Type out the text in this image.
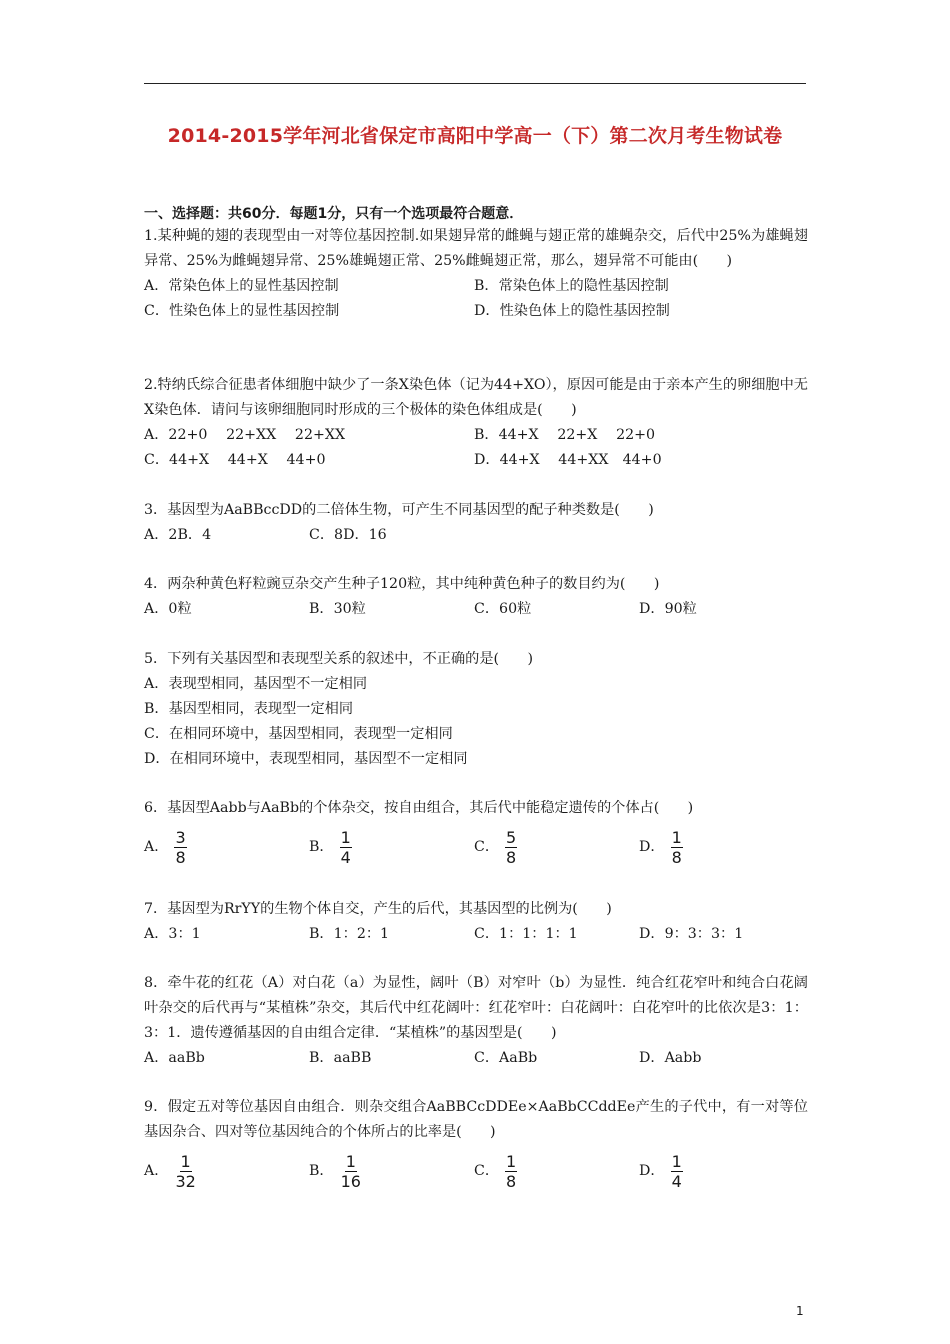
2014-2015学年河北省保定市高阳中学高一（下）第二次月考生物试卷
一、选择题：共60分．每题1分，只有一个选项最符合题意．
1.某种蝇的翅的表现型由一对等位基因控制.如果翅异常的雌蝇与翅正常的雄蝇杂交，后代中25%为雄蝇翅异常、25%为雌蝇翅异常、25%雄蝇翅正常、25%雌蝇翅正常，那么，翅异常不可能由(　　)
A．常染色体上的显性基因控制	B．常染色体上的隐性基因控制
C．性染色体上的显性基因控制	D．性染色体上的隐性基因控制
2.特纳氏综合征患者体细胞中缺少了一条X染色体（记为44+XO），原因可能是由于亲本产生的卵细胞中无X染色体．请问与该卵细胞同时形成的三个极体的染色体组成是(　　)
A．22+0　 22+XX　 22+XX	B．44+X　 22+X　 22+0
C．44+X　 44+X　 44+0	D．44+X　 44+XX　44+0
3．基因型为AaBBccDD的二倍体生物，可产生不同基因型的配子种类数是(　　)
A．2B．4	C．8D．16
4．两杂种黄色籽粒豌豆杂交产生种子120粒，其中纯种黄色种子的数目约为(　　)
A．0粒	B．30粒	C．60粒	D．90粒
5．下列有关基因型和表现型关系的叙述中，不正确的是(　　)
A．表现型相同，基因型不一定相同
B．基因型相同，表现型一定相同
C．在相同环境中，基因型相同，表现型一定相同
D．在相同环境中，表现型相同，基因型不一定相同
6．基因型Aabb与AaBb的个体杂交，按自由组合，其后代中能稳定遗传的个体占(　　)
A． $\frac{3}{8}$	B． $\frac{1}{4}$	C． $\frac{5}{8}$	D． $\frac{1}{8}$
7．基因型为RrYY的生物个体自交，产生的后代，其基因型的比例为(　　)
A．3：1	B．1：2：1	C．1：1：1：1	D．9：3：3：1
8．牵牛花的红花（A）对白花（a）为显性，阔叶（B）对窄叶（b）为显性．纯合红花窄叶和纯合白花阔叶杂交的后代再与“某植株”杂交，其后代中红花阔叶：红花窄叶：白花阔叶：白花窄叶的比依次是3：1：3：1．遗传遵循基因的自由组合定律．“某植株”的基因型是(　　)
A．aaBb	B．aaBB	C．AaBb	D．Aabb
9．假定五对等位基因自由组合．则杂交组合AaBBCcDDEe×AaBbCCddEe产生的子代中，有一对等位基因杂合、四对等位基因纯合的个体所占的比率是(　　)
A． $\frac{1}{32}$	B． $\frac{1}{16}$	C． $\frac{1}{8}$	D． $\frac{1}{4}$
1
